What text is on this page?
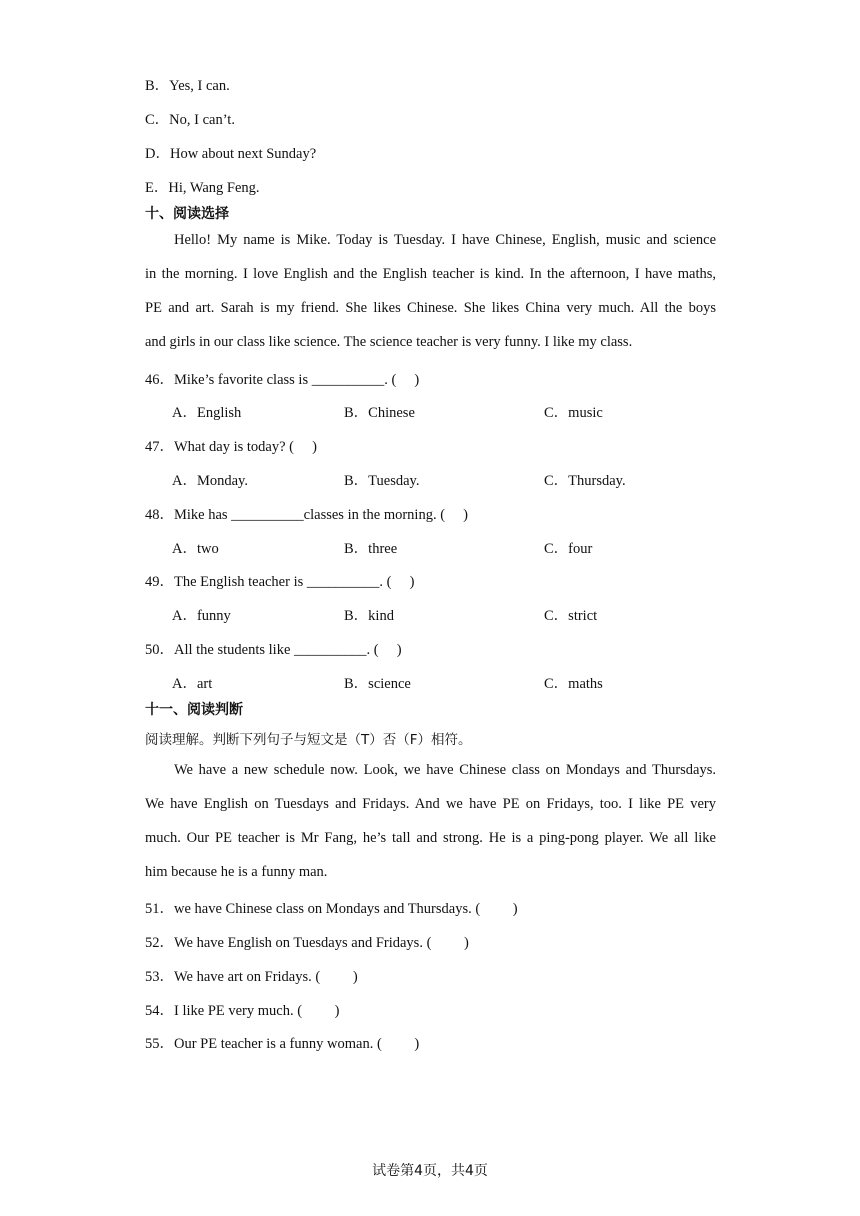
B．Yes, I can.
C．No, I can’t.
D．How about next Sunday?
E．Hi, Wang Feng.
十、阅读选择
Hello! My name is Mike. Today is Tuesday. I have Chinese, English, music and science
in the morning. I love English and the English teacher is kind. In the afternoon, I have maths,
PE and art. Sarah is my friend. She likes Chinese. She likes China very much. All the boys
and girls in our class like science. The science teacher is very funny. I like my class.
46．Mike’s favorite class is __________. (     )
A．English	B．Chinese	C．music
47．What day is today? (     )
A．Monday.	B．Tuesday.	C．Thursday.
48．Mike has __________classes in the morning. (     )
A．two	B．three	C．four
49．The English teacher is __________. (     )
A．funny	B．kind	C．strict
50．All the students like __________. (     )
A．art	B．science	C．maths
十一、阅读判断
阅读理解。判断下列句子与短文是（T）否（F）相符。
We have a new schedule now. Look, we have Chinese class on Mondays and Thursdays.
We have English on Tuesdays and Fridays. And we have PE on Fridays, too. I like PE very
much. Our PE teacher is Mr Fang, he’s tall and strong. He is a ping-pong player. We all like
him because he is a funny man.
51．we have Chinese class on Mondays and Thursdays. (         )
52．We have English on Tuesdays and Fridays. (         )
53．We have art on Fridays. (         )
54．I like PE very much. (         )
55．Our PE teacher is a funny woman. (         )
试卷第4页，共4页
